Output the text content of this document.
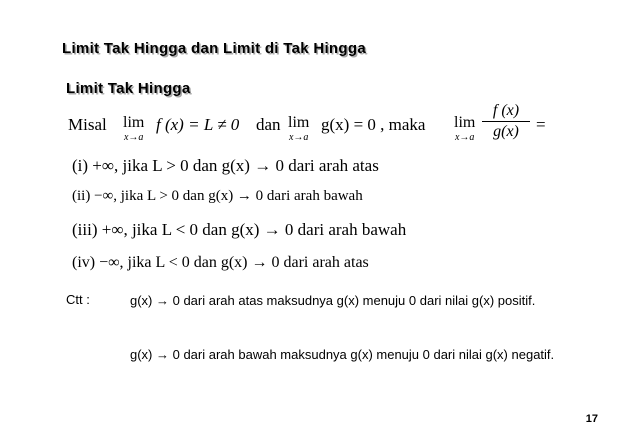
Limit Tak Hingga dan Limit di Tak Hingga
Limit Tak Hingga
Misal lim
x→a
f (x) = L ≠ 0 dan lim
x→a
g(x) = 0 , maka lim
x→a
f (x)
g(x)	=
(i) +∞, jika L > 0 dan g(x) → 0 dari arah atas
(ii) −∞, jika L > 0 dan g(x) → 0 dari arah bawah
(iii) +∞, jika L < 0 dan g(x) → 0 dari arah bawah
(iv) −∞, jika L < 0 dan g(x) → 0 dari arah atas
Ctt :	g(x) → 0 dari arah atas maksudnya g(x) menuju 0 dari nilai g(x) positif.
g(x) → 0 dari arah bawah maksudnya g(x) menuju 0 dari nilai g(x) negatif.
17
